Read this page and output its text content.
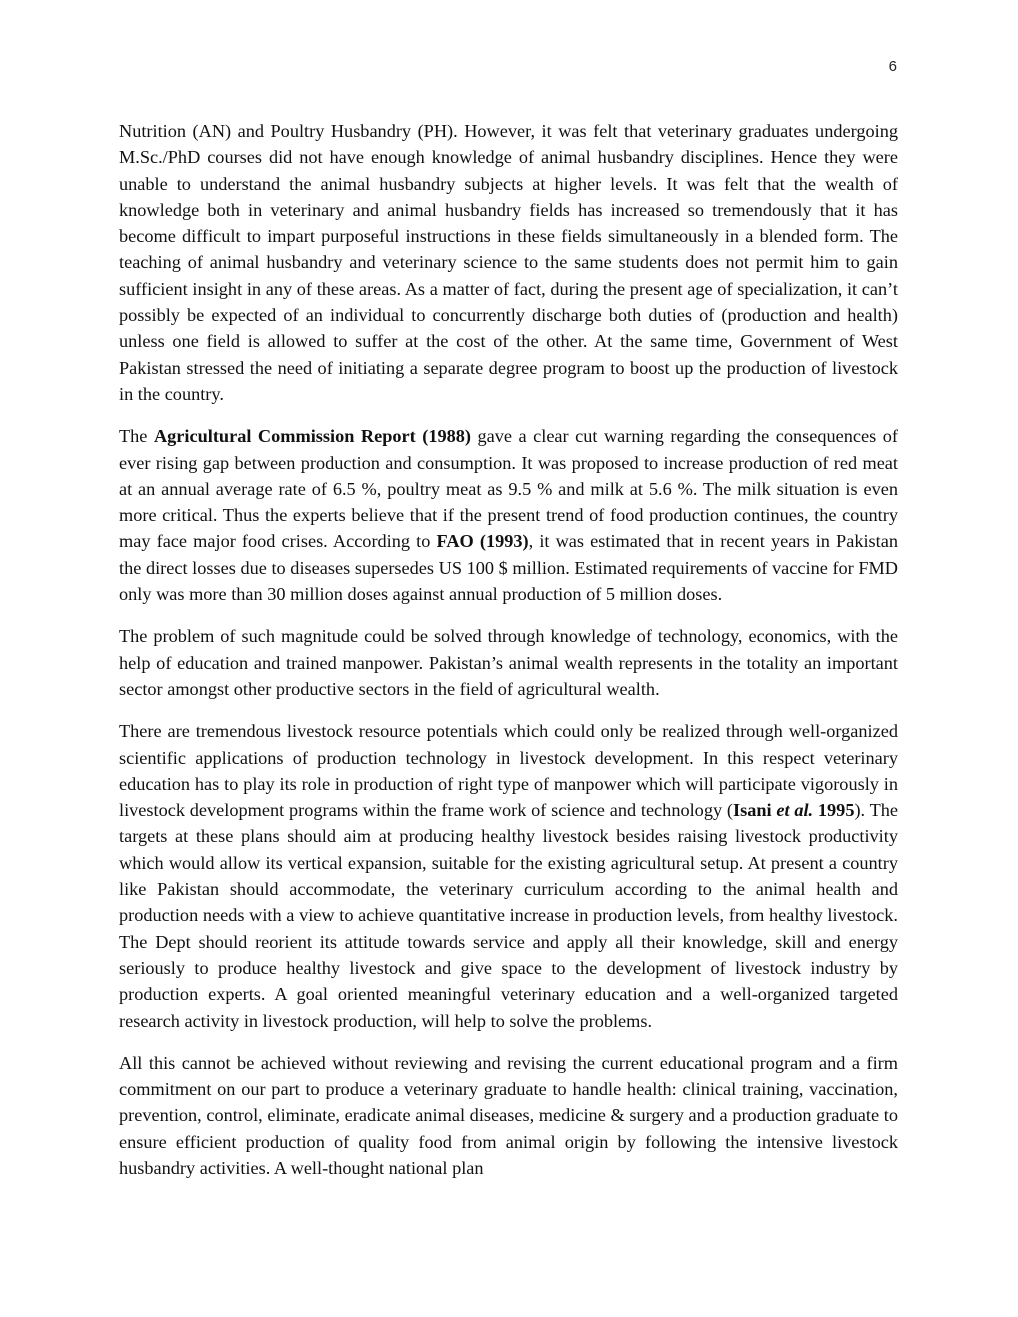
6

Nutrition (AN) and Poultry Husbandry (PH). However, it was felt that veterinary graduates undergoing M.Sc./PhD courses did not have enough knowledge of animal husbandry disciplines. Hence they were unable to understand the animal husbandry subjects at higher levels. It was felt that the wealth of knowledge both in veterinary and animal husbandry fields has increased so tremendously that it has become difficult to impart purposeful instructions in these fields simultaneously in a blended form. The teaching of animal husbandry and veterinary science to the same students does not permit him to gain sufficient insight in any of these areas. As a matter of fact, during the present age of specialization, it can’t possibly be expected of an individual to concurrently discharge both duties of (production and health) unless one field is allowed to suffer at the cost of the other. At the same time, Government of West Pakistan stressed the need of initiating a separate degree program to boost up the production of livestock in the country.

The Agricultural Commission Report (1988) gave a clear cut warning regarding the consequences of ever rising gap between production and consumption. It was proposed to increase production of red meat at an annual average rate of 6.5 %, poultry meat as 9.5 % and milk at 5.6 %. The milk situation is even more critical. Thus the experts believe that if the present trend of food production continues, the country may face major food crises. According to FAO (1993), it was estimated that in recent years in Pakistan the direct losses due to diseases supersedes US 100 $ million. Estimated requirements of vaccine for FMD only was more than 30 million doses against annual production of 5 million doses.

The problem of such magnitude could be solved through knowledge of technology, economics, with the help of education and trained manpower. Pakistan’s animal wealth represents in the totality an important sector amongst other productive sectors in the field of agricultural wealth.

There are tremendous livestock resource potentials which could only be realized through well-organized scientific applications of production technology in livestock development. In this respect veterinary education has to play its role in production of right type of manpower which will participate vigorously in livestock development programs within the frame work of science and technology (Isani et al. 1995). The targets at these plans should aim at producing healthy livestock besides raising livestock productivity which would allow its vertical expansion, suitable for the existing agricultural setup. At present a country like Pakistan should accommodate, the veterinary curriculum according to the animal health and production needs with a view to achieve quantitative increase in production levels, from healthy livestock. The Dept should reorient its attitude towards service and apply all their knowledge, skill and energy seriously to produce healthy livestock and give space to the development of livestock industry by production experts. A goal oriented meaningful veterinary education and a well-organized targeted research activity in livestock production, will help to solve the problems.

All this cannot be achieved without reviewing and revising the current educational program and a firm commitment on our part to produce a veterinary graduate to handle health: clinical training, vaccination, prevention, control, eliminate, eradicate animal diseases, medicine & surgery and a production graduate to ensure efficient production of quality food from animal origin by following the intensive livestock husbandry activities. A well-thought national plan
